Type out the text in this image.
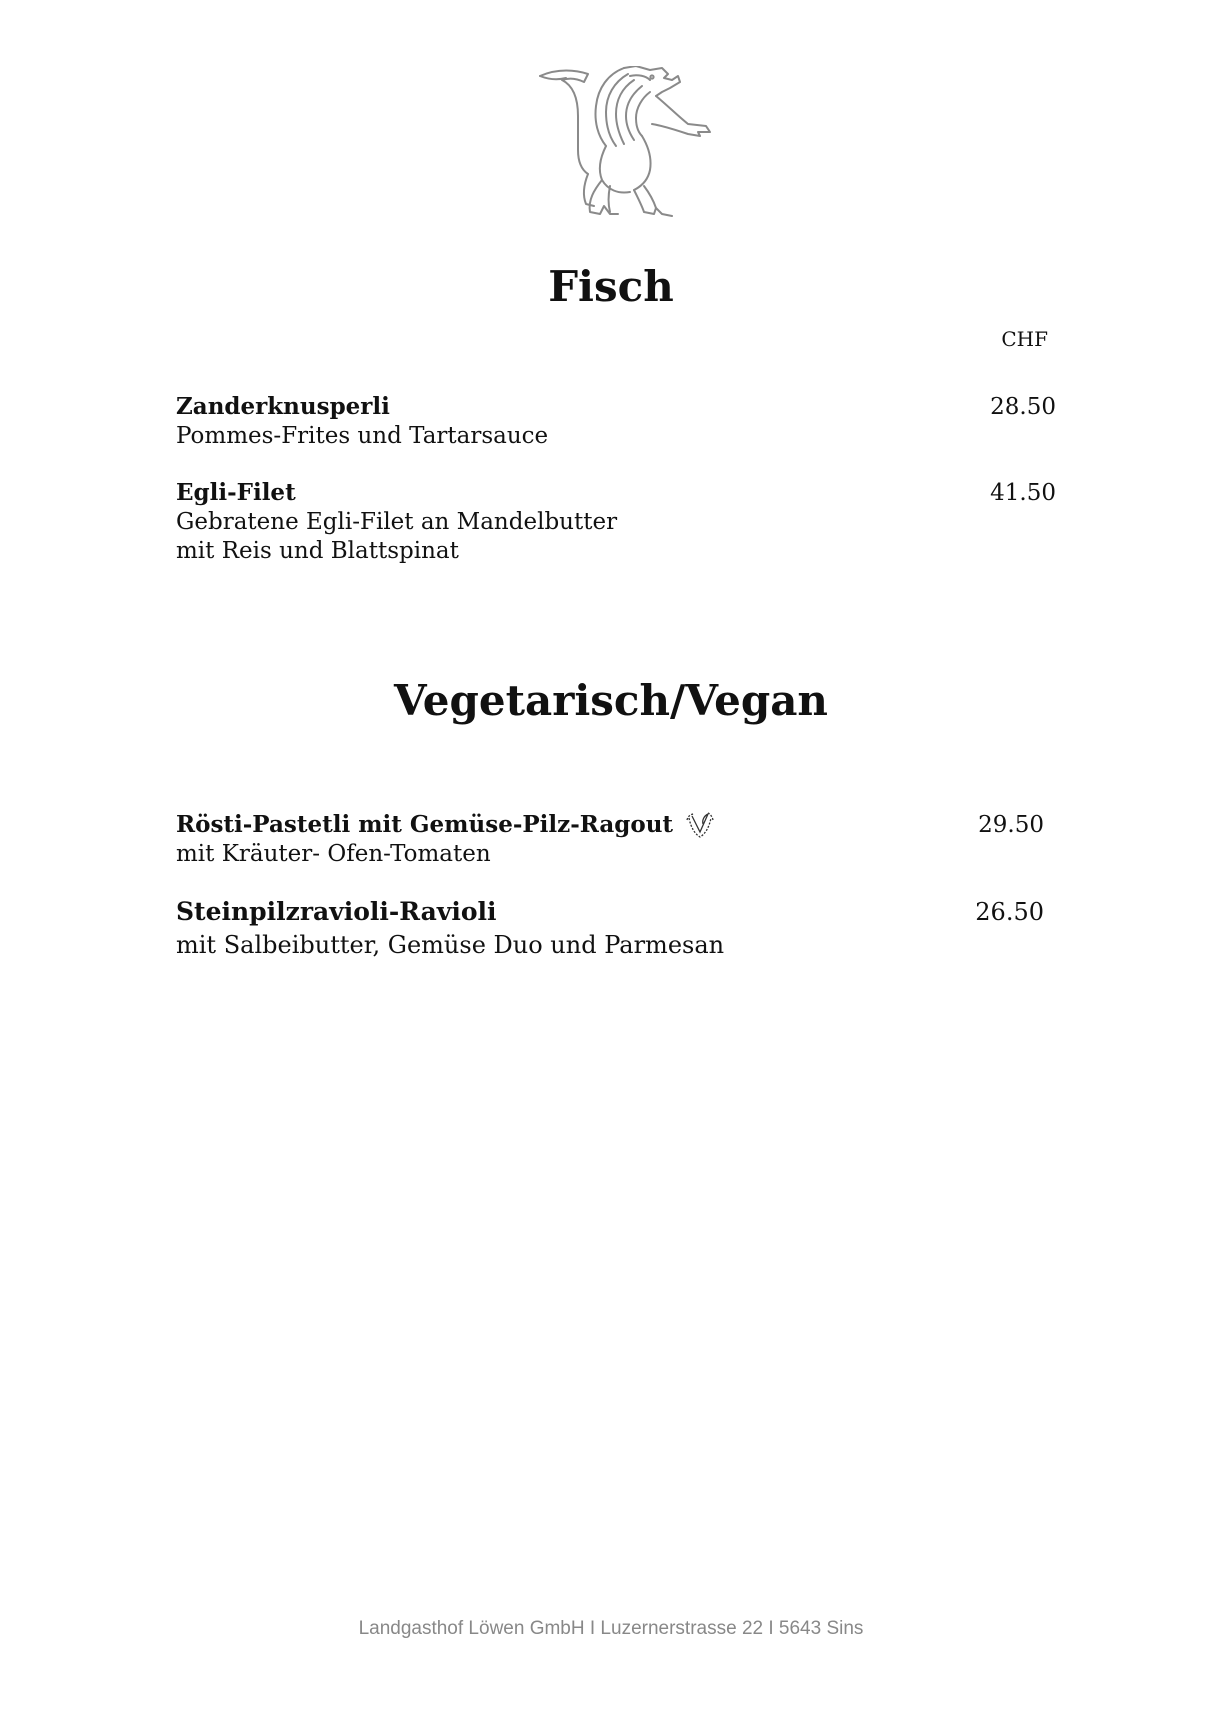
Fisch
CHF
Zanderknusperli
Pommes-Frites und Tartarsauce
28.50
Egli-Filet
Gebratene Egli-Filet an Mandelbutter
mit Reis und Blattspinat
41.50
Vegetarisch/Vegan
Rösti-Pastetli mit Gemüse-Pilz-Ragout
mit Kräuter- Ofen-Tomaten
29.50
Steinpilzravioli-Ravioli
mit Salbeibutter, Gemüse Duo und Parmesan
26.50
Landgasthof Löwen GmbH I Luzernerstrasse 22 I 5643 Sins
